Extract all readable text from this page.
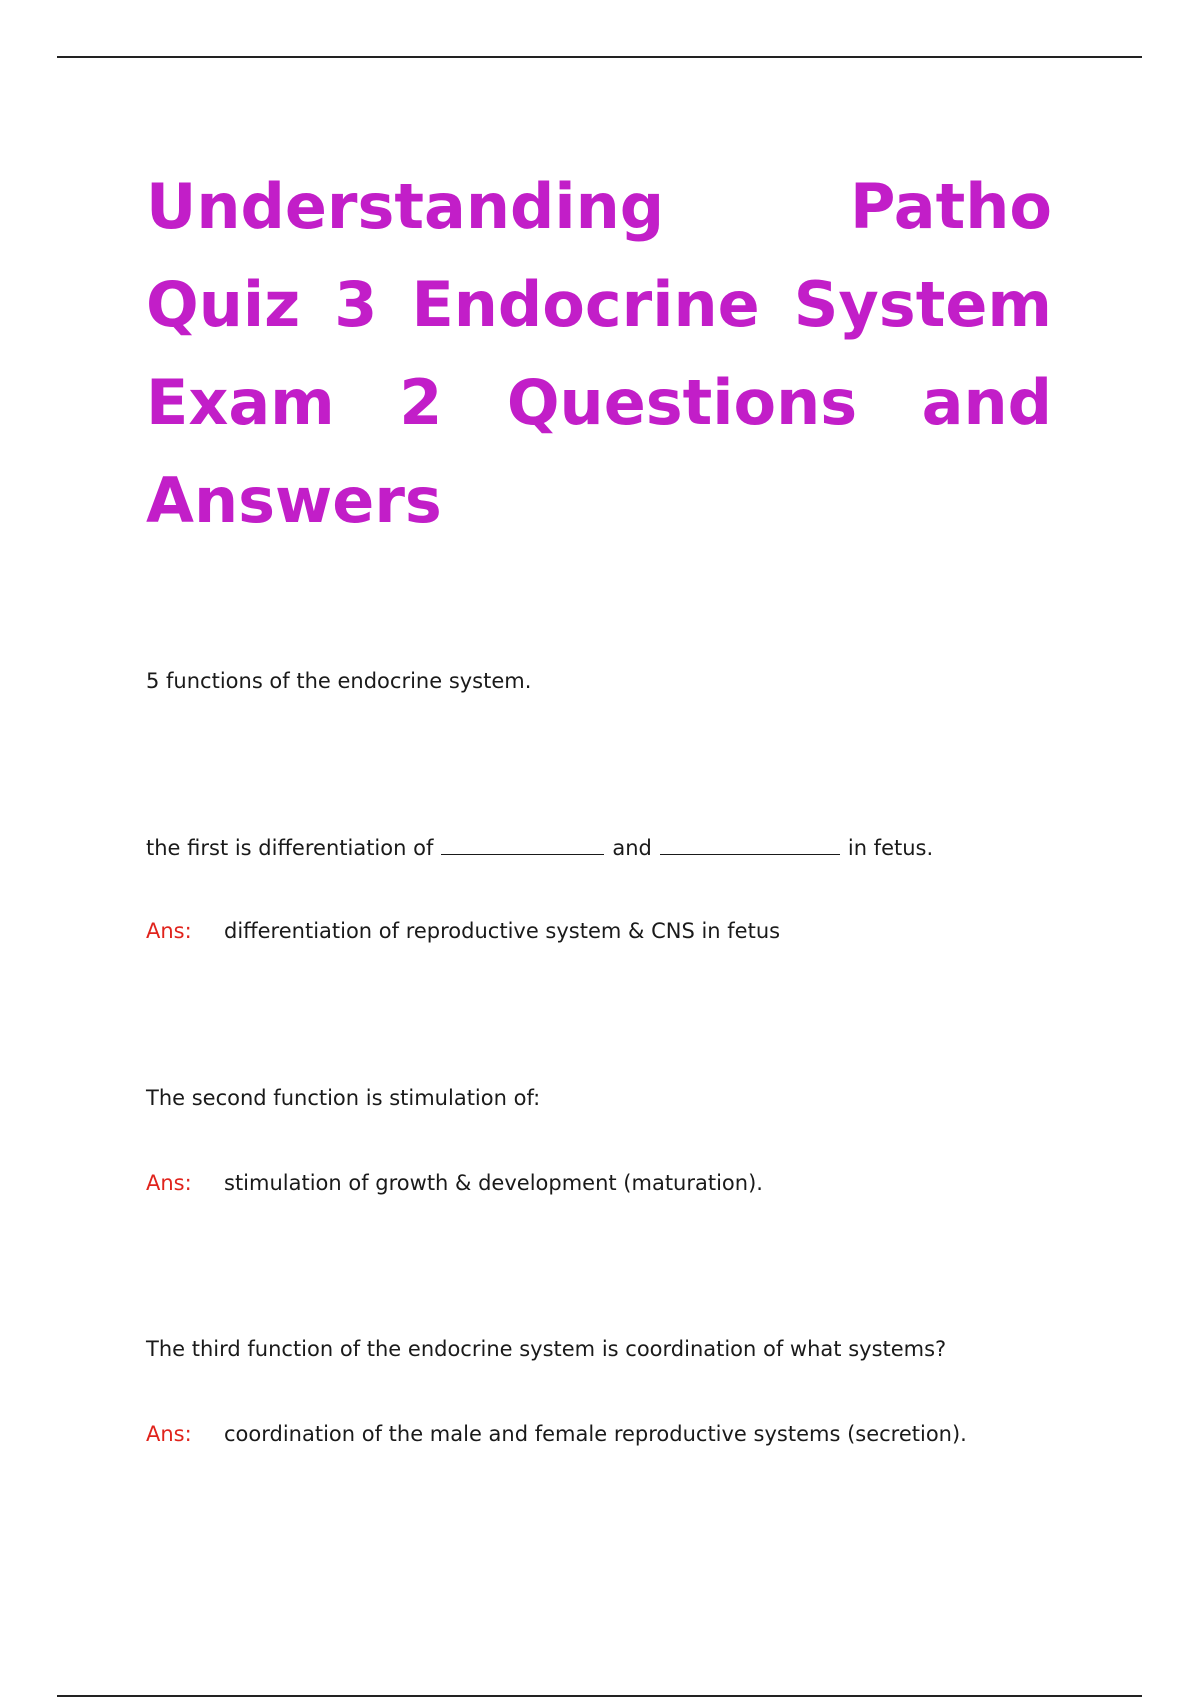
Understanding Patho Quiz 3 Endocrine System Exam 2 Questions and Answers

5 functions of the endocrine system.

the first is differentiation of	and	in fetus.

Ans: differentiation of reproductive system & CNS in fetus

The second function is stimulation of:

Ans: stimulation of growth & development (maturation).

The third function of the endocrine system is coordination of what systems?

Ans: coordination of the male and female reproductive systems (secretion).
